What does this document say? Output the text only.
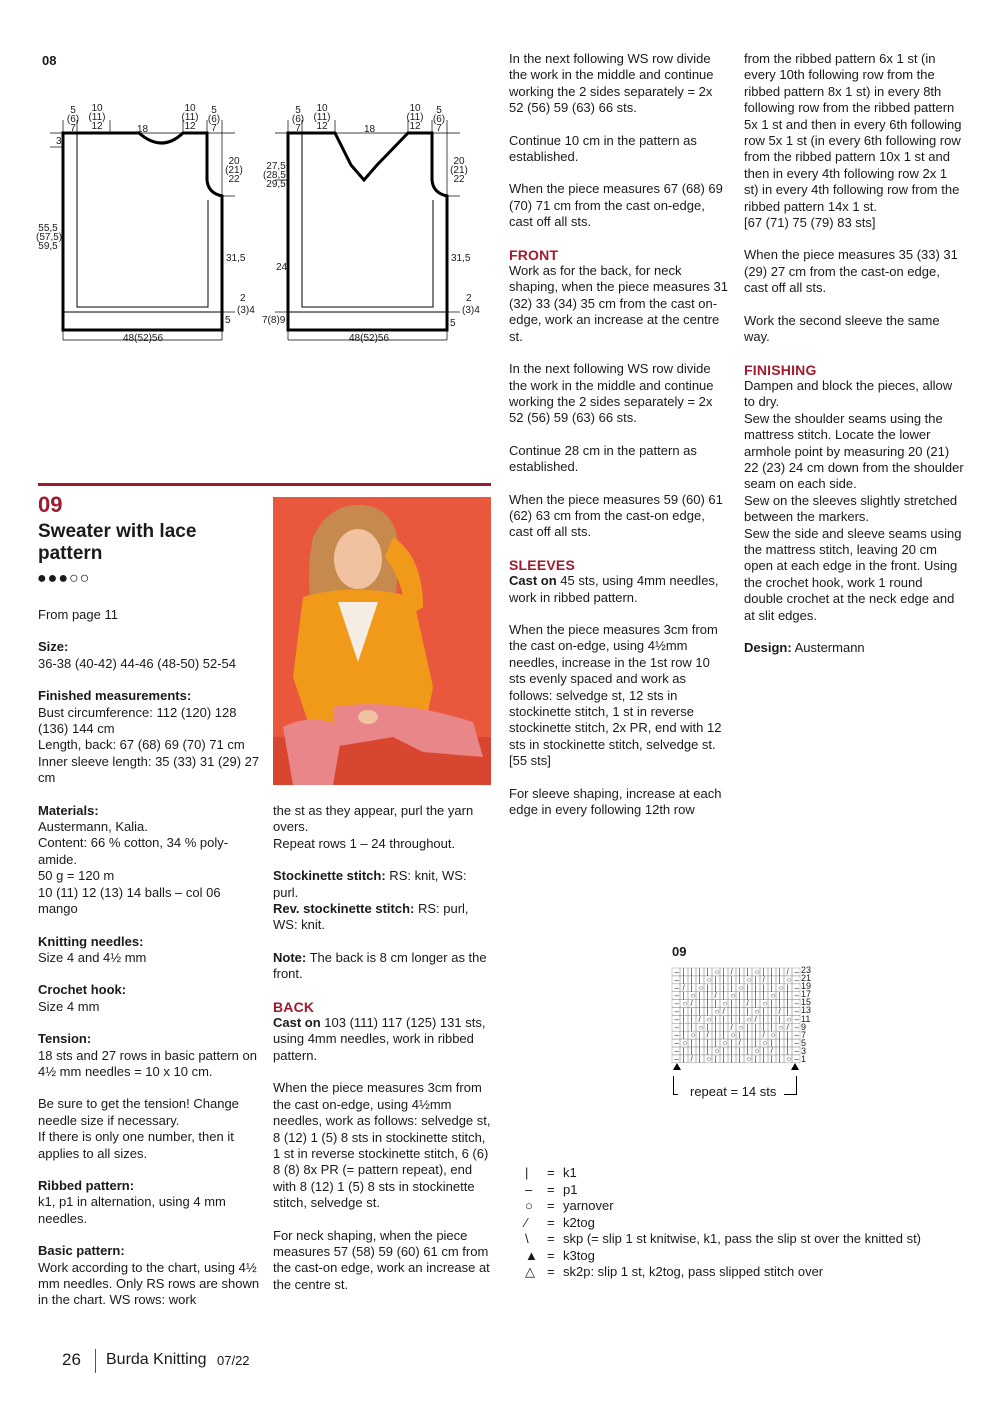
08
5
(6)
7
10
(11)
12	18
10
(11)
12
5
(6)
7
3
55,5
(57,5)
59,5
20
(21)
22
31,5
2
(3)4
5
48(52)56
5
(6)
7
10
(11)
12	18
10
(11)
12
5
(6)
7
27,5
(28,5)
29,5
24
7(8)9
20
(21)
22
31,5
2
(3)4
5
48(52)56
09
Sweater with lace
pattern
●●●○○

From page 11

Size:

36-38 (40-42) 44-46 (48-50) 52-54

Finished measurements:
Bust circumference: 112 (120) 128 (136) 144 cm
Length, back: 67 (68) 69 (70) 71 cm

Inner sleeve length: 35 (33) 31 (29) 27 cm

Materials:
Austermann, Kalia.
Content: 66 % cotton, 34 % poly-amide.
50 g = 120 m

10 (11) 12 (13) 14 balls – col 06 mango

Knitting needles:

Size 4 and 4½ mm

Crochet hook:

Size 4 mm

Tension:

18 sts and 27 rows in basic pattern on 4½ mm needles = 10 x 10 cm.

Be sure to get the tension! Change needle size if necessary.

If there is only one number, then it applies to all sizes.

Ribbed pattern:

k1, p1 in alternation, using 4 mm needles.

Basic pattern:
Work according to the chart, using 4½ mm needles. Only RS rows are shown in the chart. WS rows: work
the st as they appear, purl the yarn overs.

Repeat rows 1 – 24 throughout.

Stockinette stitch: RS: knit, WS: purl.

Rev. stockinette stitch: RS: purl, WS: knit.

Note: The back is 8 cm longer as the front.

BACK

Cast on 103 (111) 117 (125) 131 sts, using 4mm needles, work in ribbed pattern.

When the piece measures 3cm from the cast on-edge, using 4½mm needles, work as follows: selvedge st, 8 (12) 1 (5) 8 sts in stockinette stitch, 1 st in reverse stockinette stitch, 6 (6) 8 (8) 8x PR (= pattern repeat), end with 8 (12) 1 (5) 8 sts in stockinette stitch, selvedge st.

For neck shaping, when the piece measures 57 (58) 59 (60) 61 cm from the cast-on edge, work an increase at the centre st.

In the next following WS row divide the work in the middle and continue working the 2 sides separately = 2x 52 (56) 59 (63) 66 sts.

Continue 10 cm in the pattern as established.

When the piece measures 67 (68) 69 (70) 71 cm from the cast on-edge, cast off all sts.

FRONT

Work as for the back, for neck shaping, when the piece measures 31 (32) 33 (34) 35 cm from the cast on-edge, work an increase at the centre st.

In the next following WS row divide the work in the middle and continue working the 2 sides separately = 2x 52 (56) 59 (63) 66 sts.

Continue 28 cm in the pattern as established.

When the piece measures 59 (60) 61 (62) 63 cm from the cast-on edge, cast off all sts.

SLEEVES

Cast on 45 sts, using 4mm needles, work in ribbed pattern.

When the piece measures 3cm from the cast on-edge, using 4½mm needles, increase in the 1st row 10 sts evenly spaced and work as follows: selvedge st, 12 sts in stockinette stitch, 1 st in reverse stockinette stitch, 2x PR, end with 12 sts in stockinette stitch, selvedge st. [55 sts]

For sleeve shaping, increase at each edge in every following 12th row

from the ribbed pattern 6x 1 st (in every 10th following row from the ribbed pattern 8x 1 st) in every 8th following row from the ribbed pattern 5x 1 st and then in every 6th following row 5x 1 st (in every 6th following row from the ribbed pattern 10x 1 st and then in every 4th following row 2x 1 st) in every 4th following row from the ribbed pattern 14x 1 st.

[67 (71) 75 (79) 83 sts]

When the piece measures 35 (33) 31 (29) 27 cm from the cast-on edge, cast off all sts.

Work the second sleeve the same way.

FINISHING
Dampen and block the pieces, allow to dry.
Sew the shoulder seams using the mattress stitch. Locate the lower armhole point by measuring 20 (21) 22 (23) 24 cm down from the shoulder seam on each side.
Sew on the sleeves slightly stretched between the markers.

Sew the side and sleeve seams using the mattress stitch, leaving 20 cm open at each edge in the front. Using the crochet hook, work 1 round double crochet at the neck edge and at slit edges.

Design: Austermann

09
– | | | | ○ | / | | ○ | | | / –
– | | | ○ | | | | ○ | / | | ○ –
– / | ○ | | | | ○ | | | | ○ | –
– | ○ | | / | ○ | | | | ○ | | –
– ○ / | | | ○ | | / | ○ | | | –
– | | | | ○ / | | | ○ | | / | –
– | | / ○ | | | | ○ / | | | ○ –
– | | ○ | | | / ○ | | | | ○ / –
– | ○ | / | | ○ | | | / ○ | | –
– ○ | | | | ○ | / | | ○ | | | –
– | | | | ○ | | | | ○ | / | | –
– | / | ○ | | | | ○ | | | | ○ –
23
21
19
17
15
13
11
9
7
5
3
1
repeat = 14 sts
| = k1
– = p1
○ = yarnover
⁄ = k2tog
\ = skp (= slip 1 st knitwise, k1, pass the slip st over the knitted st)
▲ = k3tog
△ = sk2p: slip 1 st, k2tog, pass slipped stitch over
26 Burda Knitting 07/22
